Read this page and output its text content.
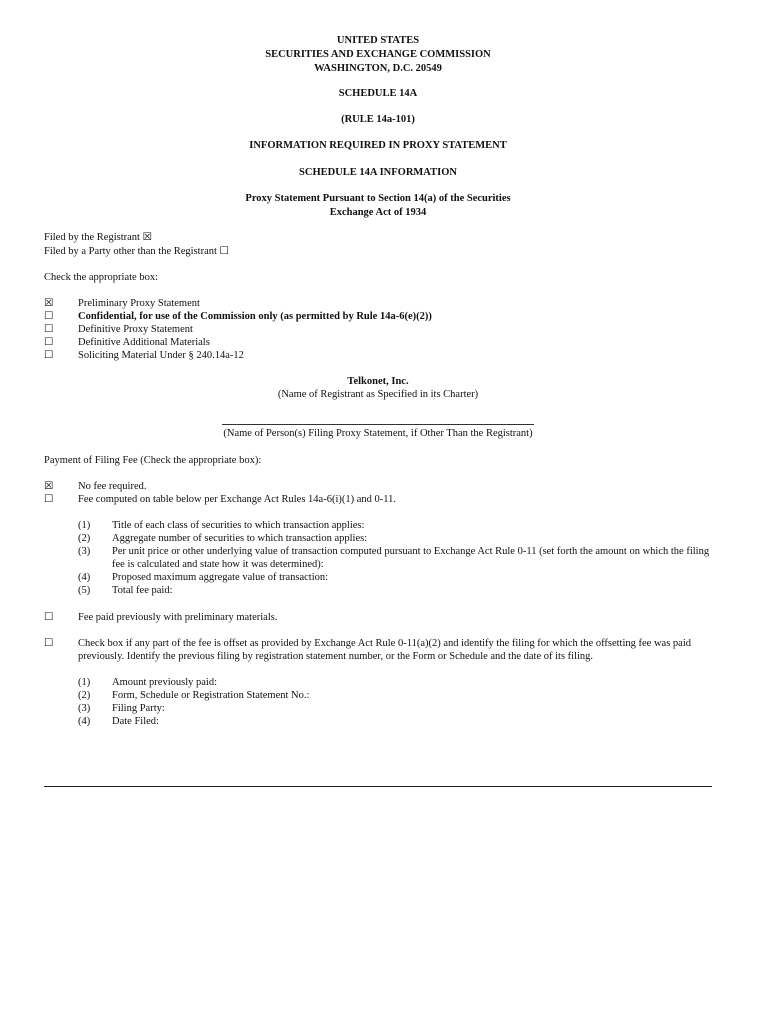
UNITED STATES
SECURITIES AND EXCHANGE COMMISSION
WASHINGTON, D.C. 20549
SCHEDULE 14A
(RULE 14a-101)
INFORMATION REQUIRED IN PROXY STATEMENT
SCHEDULE 14A INFORMATION
Proxy Statement Pursuant to Section 14(a) of the Securities
Exchange Act of 1934
Filed by the Registrant ☒
Filed by a Party other than the Registrant ☐
Check the appropriate box:
☒	Preliminary Proxy Statement
☐	Confidential, for use of the Commission only (as permitted by Rule 14a-6(e)(2))
☐	Definitive Proxy Statement
☐	Definitive Additional Materials
☐	Soliciting Material Under § 240.14a-12
Telkonet, Inc.
(Name of Registrant as Specified in its Charter)
(Name of Person(s) Filing Proxy Statement, if Other Than the Registrant)
Payment of Filing Fee (Check the appropriate box):
☒	No fee required.
☐	Fee computed on table below per Exchange Act Rules 14a-6(i)(1) and 0-11.
(1) Title of each class of securities to which transaction applies:
(2) Aggregate number of securities to which transaction applies:
(3) Per unit price or other underlying value of transaction computed pursuant to Exchange Act Rule 0-11 (set forth the amount on which the filing fee is calculated and state how it was determined):
(4) Proposed maximum aggregate value of transaction:
(5) Total fee paid:
☐	Fee paid previously with preliminary materials.
☐	Check box if any part of the fee is offset as provided by Exchange Act Rule 0-11(a)(2) and identify the filing for which the offsetting fee was paid previously. Identify the previous filing by registration statement number, or the Form or Schedule and the date of its filing.
(1) Amount previously paid:
(2) Form, Schedule or Registration Statement No.:
(3) Filing Party:
(4) Date Filed:
